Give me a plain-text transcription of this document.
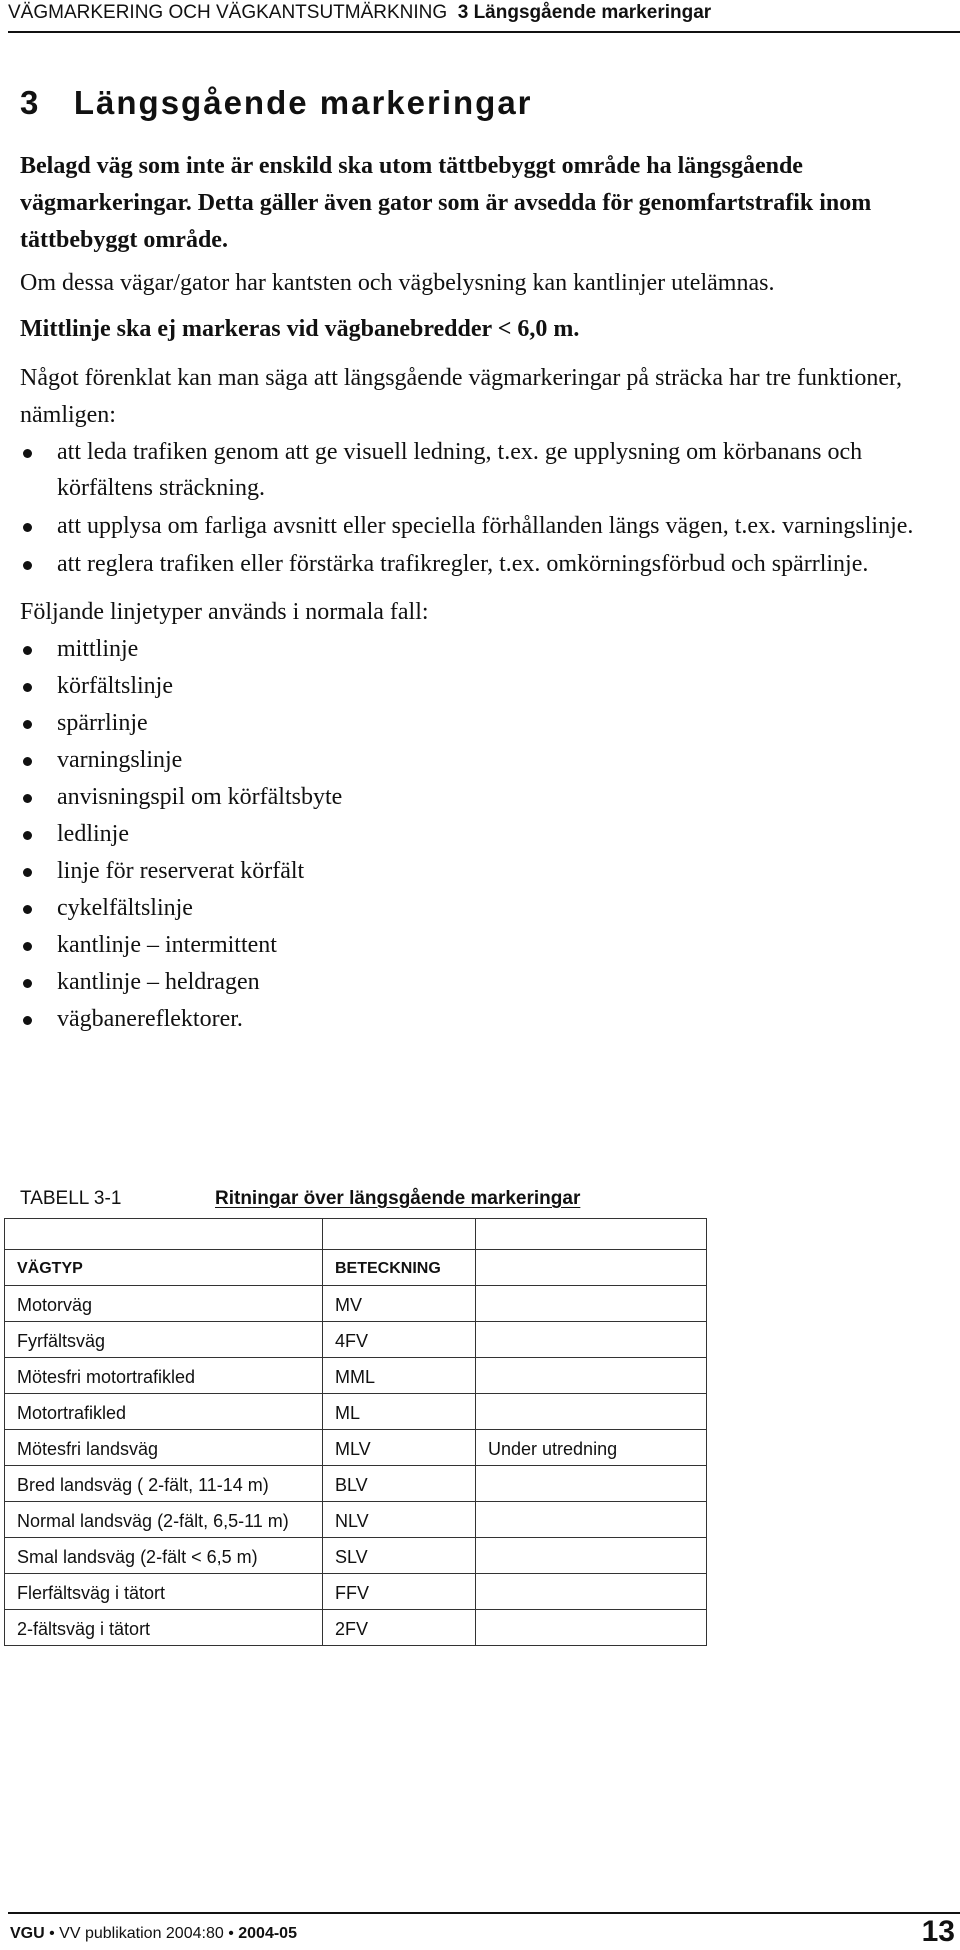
VÄGMARKERING OCH VÄGKANTSUTMÄRKNING 3 Längsgående markeringar
3 Längsgående markeringar

Belagd väg som inte är enskild ska utom tättbebyggt område ha längsgående vägmarkeringar. Detta gäller även gator som är avsedda för genomfartstrafik inom tättbebyggt område.

Om dessa vägar/gator har kantsten och vägbelysning kan kantlinjer utelämnas.

Mittlinje ska ej markeras vid vägbanebredder < 6,0 m.

Något förenklat kan man säga att längsgående vägmarkeringar på sträcka har tre funktioner, nämligen:

att leda trafiken genom att ge visuell ledning, t.ex. ge upplysning om körbanans och körfältens sträckning.
att upplysa om farliga avsnitt eller speciella förhållanden längs vägen, t.ex. varningslinje.
att reglera trafiken eller förstärka trafikregler, t.ex. omkörningsförbud och spärrlinje.

Följande linjetyper används i normala fall:

mittlinje
körfältslinje
spärrlinje
varningslinje
anvisningspil om körfältsbyte
ledlinje
linje för reserverat körfält
cykelfältslinje
kantlinje – intermittent
kantlinje – heldragen
vägbanereflektorer.
TABELL 3-1	Ritningar över längsgående markeringar

VÄGTYP	BETECKNING	
Motorväg	MV	
Fyrfältsväg	4FV	
Mötesfri motortrafikled	MML	
Motortrafikled	ML	
Mötesfri landsväg	MLV	Under utredning
Bred landsväg ( 2-fält, 11-14 m)	BLV	
Normal landsväg (2-fält, 6,5-11 m)	NLV	
Smal landsväg (2-fält < 6,5 m)	SLV	
Flerfältsväg i tätort	FFV	
2-fältsväg i tätort	2FV	
VGU • VV publikation 2004:80 • 2004-05	13
